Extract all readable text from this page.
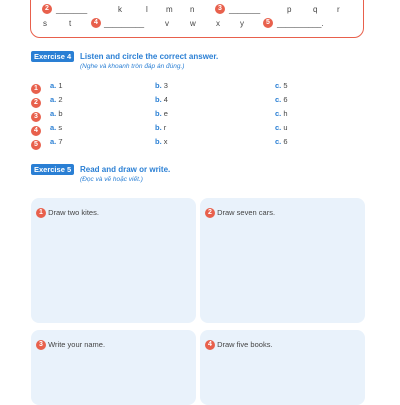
2 _______	k	l m n	3 _______	p	q r
s	t	4 _________	v	w	x	y	5 __________.
Exercise 4	Listen and circle the correct answer.
(Nghe và khoanh tròn đáp án đúng.)
1	a. 1	b. 3	c. 5
2	a. 2	b. 4	c. 6
3	a. b	b. e	c. h
4	a. s	b. r	c. u
5	a. 7	b. x	c. 6
Exercise 5	Read and draw or write.
(Đọc và vẽ hoặc viết.)
1 Draw two kites.	2 Draw seven cars.
3 Write your name.	4 Draw five books.
